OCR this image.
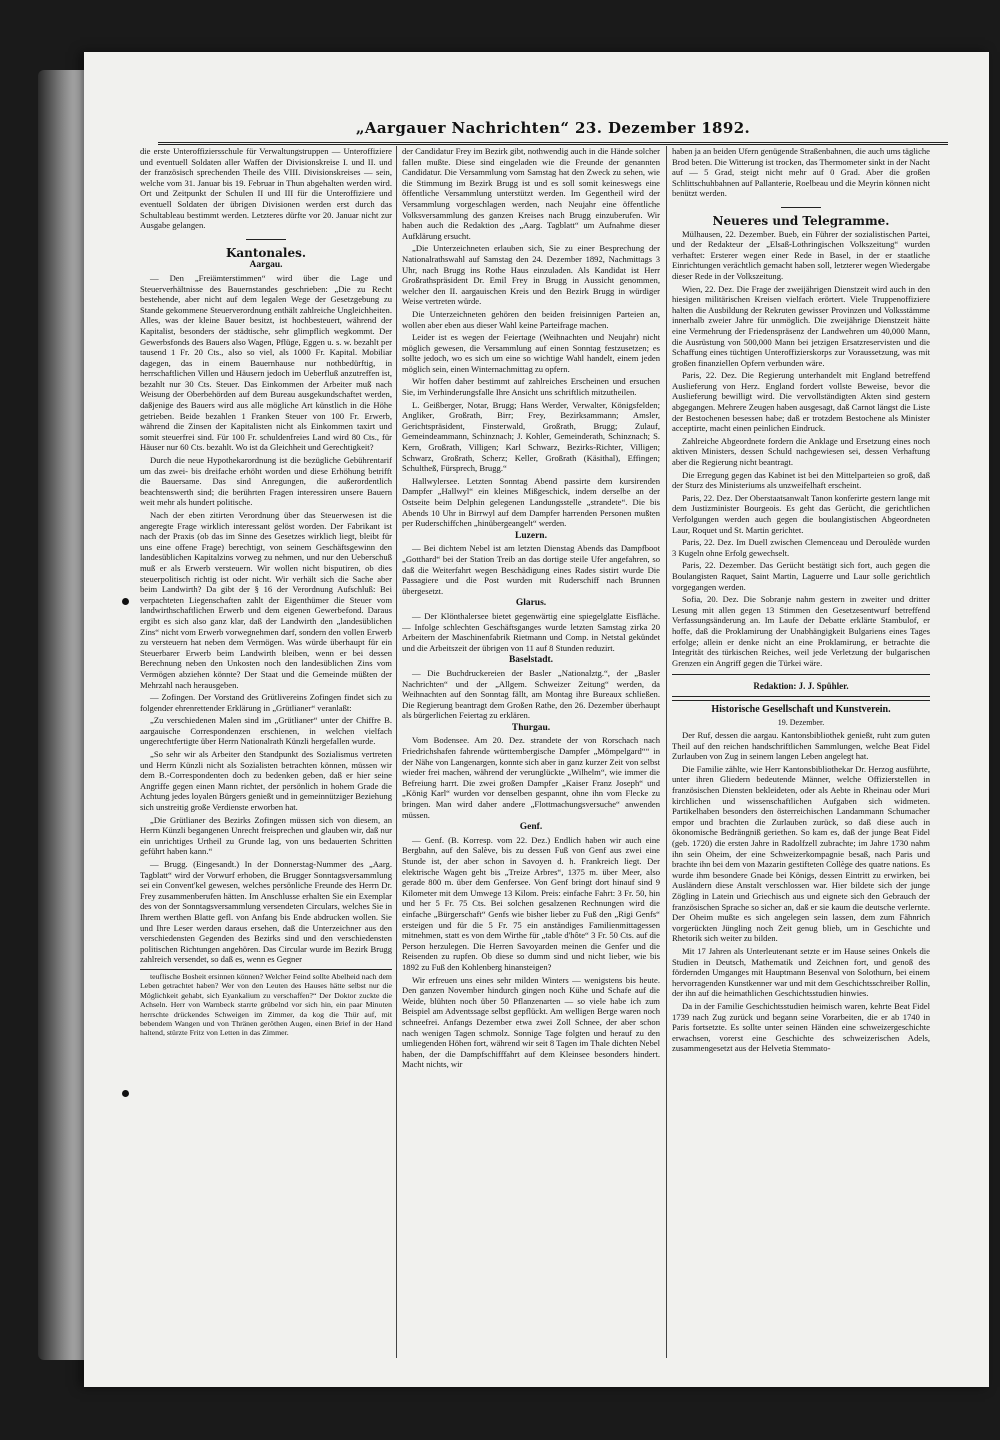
„Aargauer Nachrichten“ 23. Dezember 1892.

die erste Unteroffiziersschule für Verwaltungstruppen — Unteroffiziere und eventuell Soldaten aller Waffen der Divisionskreise I. und II. und der französisch sprechenden Theile des VIII. Divisionskreises — sein, welche vom 31. Januar bis 19. Februar in Thun abgehalten werden wird. Ort und Zeitpunkt der Schulen II und III für die Unteroffiziere und eventuell Soldaten der übrigen Divisionen werden erst durch das Schultableau bestimmt werden. Letzteres dürfte vor 20. Januar nicht zur Ausgabe gelangen.

Kantonales.
Aargau.

— Den „Freiämterstimmen“ wird über die Lage und Steuerverhältnisse des Bauernstandes geschrieben: „Die zu Recht bestehende, aber nicht auf dem legalen Wege der Gesetzgebung zu Stande gekommene Steuerverordnung enthält zahlreiche Ungleichheiten. Alles, was der kleine Bauer besitzt, ist hochbesteuert, während der Kapitalist, besonders der städtische, sehr glimpflich wegkommt. Der Gewerbsfonds des Bauers also Wagen, Pflüge, Eggen u. s. w. bezahlt per tausend 1 Fr. 20 Cts., also so viel, als 1000 Fr. Kapital. Mobiliar dagegen, das in einem Bauernhause nur nothbedürftig, in herrschaftlichen Villen und Häusern jedoch im Ueberfluß anzutreffen ist, bezahlt nur 30 Cts. Steuer. Das Einkommen der Arbeiter muß nach Weisung der Oberbehörden auf dem Bureau ausgekundschaftet werden, daßjenige des Bauers wird aus alle mögliche Art künstlich in die Höhe getrieben. Beide bezahlen 1 Franken Steuer von 100 Fr. Erwerb, während die Zinsen der Kapitalisten nicht als Einkommen taxirt und somit steuerfrei sind. Für 100 Fr. schuldenfreies Land wird 80 Cts., für Häuser nur 60 Cts. bezahlt. Wo ist da Gleichheit und Gerechtigkeit?

Durch die neue Hypothekarordnung ist die bezügliche Gebührentarif um das zwei- bis dreifache erhöht worden und diese Erhöhung betrifft die Bauersame. Das sind Anregungen, die außerordentlich beachtenswerth sind; die berührten Fragen interessiren unsere Bauern weit mehr als hundert politische.

Nach der eben zitirten Verordnung über das Steuerwesen ist die angeregte Frage wirklich interessant gelöst worden. Der Fabrikant ist nach der Praxis (ob das im Sinne des Gesetzes wirklich liegt, bleibt für uns eine offene Frage) berechtigt, von seinem Geschäftsgewinn den landesüblichen Kapitalzins vorweg zu nehmen, und nur den Ueberschuß muß er als Erwerb versteuern. Wir wollen nicht bisputiren, ob dies steuerpolitisch richtig ist oder nicht. Wir verhält sich die Sache aber beim Landwirth? Da gibt der § 16 der Verordnung Aufschluß: Bei verpachteten Liegenschaften zahlt der Eigenthümer die Steuer vom landwirthschaftlichen Erwerb und dem eigenen Gewerbefond. Daraus ergibt es sich also ganz klar, daß der Landwirth den „landesüblichen Zins“ nicht vom Erwerb vorwegnehmen darf, sondern den vollen Erwerb zu versteuern hat neben dem Vermögen. Was würde überhaupt für ein Steuerbarer Erwerb beim Landwirth bleiben, wenn er bei dessen Berechnung neben den Unkosten noch den landesüblichen Zins vom Vermögen abziehen könnte? Der Staat und die Gemeinde müßten der Mehrzahl nach herausgeben.

— Zofingen. Der Vorstand des Grütlivereins Zofingen findet sich zu folgender ehrenrettender Erklärung in „Grütlianer“ veranlaßt:

„Zu verschiedenen Malen sind im „Grütlianer“ unter der Chiffre B. aargauische Correspondenzen erschienen, in welchen vielfach ungerechtfertigte über Herrn Nationalrath Künzli hergefallen wurde.

„So sehr wir als Arbeiter den Standpunkt des Sozialismus vertreten und Herrn Künzli nicht als Sozialisten betrachten können, müssen wir dem B.-Correspondenten doch zu bedenken geben, daß er hier seine Angriffe gegen einen Mann richtet, der persönlich in hohem Grade die Achtung jedes loyalen Bürgers genießt und in gemeinnütziger Beziehung sich unstreitig große Verdienste erworben hat.

„Die Grütlianer des Bezirks Zofingen müssen sich von diesem, an Herrn Künzli begangenen Unrecht freisprechen und glauben wir, daß nur ein unrichtiges Urtheil zu Grunde lag, von uns bedauerten Schritten geführt haben kann.“

— Brugg. (Eingesandt.) In der Donnerstag-Nummer des „Aarg. Tagblatt“ wird der Vorwurf erhoben, die Brugger Sonntagsversammlung sei ein Convent'kel gewesen, welches persönliche Freunde des Herrn Dr. Frey zusammenberufen hätten. Im Anschlusse erhalten Sie ein Exemplar des von der Sonntagsversammlung versendeten Circulars, welches Sie in Ihrem werthen Blatte gefl. von Anfang bis Ende abdrucken wollen. Sie und Ihre Leser werden daraus ersehen, daß die Unterzeichner aus den verschiedensten Gegenden des Bezirks sind und den verschiedensten politischen Richtungen angehören. Das Circular wurde im Bezirk Brugg zahlreich versendet, so daß es, wenn es Gegner

teuflische Bosheit ersinnen können? Welcher Feind sollte Abelheid nach dem Leben getrachtet haben? Wer von den Leuten des Hauses hätte selbst nur die Möglichkeit gehabt, sich Eyankalium zu verschaffen?“ Der Doktor zuckte die Achseln. Herr von Warnbeck starrte grübelnd vor sich hin, ein paar Minuten herrschte drückendes Schweigen im Zimmer, da kog die Thür auf, mit bebendem Wangen und von Thränen geröthen Augen, einen Brief in der Hand haltend, stürzte Fritz von Letten in das Zimmer.

der Candidatur Frey im Bezirk gibt, nothwendig auch in die Hände solcher fallen mußte. Diese sind eingeladen wie die Freunde der genannten Candidatur. Die Versammlung vom Samstag hat den Zweck zu sehen, wie die Stimmung im Bezirk Brugg ist und es soll somit keineswegs eine öffentliche Versammlung unterstützt werden. Im Gegentheil wird der Versammlung vorgeschlagen werden, nach Neujahr eine öffentliche Volksversammlung des ganzen Kreises nach Brugg einzuberufen. Wir haben auch die Redaktion des „Aarg. Tagblatt“ um Aufnahme dieser Aufklärung ersucht.

„Die Unterzeichneten erlauben sich, Sie zu einer Besprechung der Nationalrathswahl auf Samstag den 24. Dezember 1892, Nachmittags 3 Uhr, nach Brugg ins Rothe Haus einzuladen. Als Kandidat ist Herr Großrathspräsident Dr. Emil Frey in Brugg in Aussicht genommen, welcher den II. aargauischen Kreis und den Bezirk Brugg in würdiger Weise vertreten würde.

Die Unterzeichneten gehören den beiden freisinnigen Parteien an, wollen aber eben aus dieser Wahl keine Parteifrage machen.

Leider ist es wegen der Feiertage (Weihnachten und Neujahr) nicht möglich gewesen, die Versammlung auf einen Sonntag festzusetzen; es sollte jedoch, wo es sich um eine so wichtige Wahl handelt, einem jeden möglich sein, einen Winternachmittag zu opfern.

Wir hoffen daher bestimmt auf zahlreiches Erscheinen und ersuchen Sie, im Verhinderungsfalle Ihre Ansicht uns schriftlich mitzutheilen.

L. Geißberger, Notar, Brugg; Hans Werder, Verwalter, Königsfelden; Angliker, Großrath, Birr; Frey, Bezirksammann; Amsler, Gerichtspräsident, Finsterwald, Großrath, Brugg; Zulauf, Gemeindeammann, Schinznach; J. Kohler, Gemeinderath, Schinznach; S. Kern, Großrath, Villigen; Karl Schwarz, Bezirks-Richter, Villigen; Schwarz, Großrath, Scherz; Keller, Großrath (Käsithal), Effingen; Schultheß, Fürsprech, Brugg.“

Hallwylersee. Letzten Sonntag Abend passirte dem kursirenden Dampfer „Hallwyl“ ein kleines Mißgeschick, indem derselbe an der Ostseite beim Delphin gelegenen Landungsstelle „strandete“. Die bis Abends 10 Uhr in Birrwyl auf dem Dampfer harrenden Personen mußten per Ruderschiffchen „hinübergeangelt“ werden.

Luzern.

— Bei dichtem Nebel ist am letzten Dienstag Abends das Dampfboot „Gotthard“ bei der Station Treib an das dortige steile Ufer angefahren, so daß die Weiterfahrt wegen Beschädigung eines Rades sistirt wurde Die Passagiere und die Post wurden mit Ruderschiff nach Brunnen übergesetzt.

Glarus.

— Der Klönthalersee bietet gegenwärtig eine spiegelglatte Eisfläche. — Infolge schlechten Geschäftsganges wurde letzten Samstag zirka 20 Arbeitern der Maschinenfabrik Rietmann und Comp. in Netstal gekündet und die Arbeitszeit der übrigen von 11 auf 8 Stunden reduzirt.

Baselstadt.

— Die Buchdruckereien der Basler „Nationalztg.“, der „Basler Nachrichten“ und der „Allgem. Schweizer Zeitung“ werden, da Weihnachten auf den Sonntag fällt, am Montag ihre Bureaux schließen. Die Regierung beantragt dem Großen Rathe, den 26. Dezember überhaupt als bürgerlichen Feiertag zu erklären.

Thurgau.

Vom Bodensee. Am 20. Dez. strandete der von Rorschach nach Friedrichshafen fahrende württembergische Dampfer „Mömpelgard““ in der Nähe von Langenargen, konnte sich aber in ganz kurzer Zeit von selbst wieder frei machen, während der verunglückte „Wilhelm“, wie immer die Befreiung harrt. Die zwei großen Dampfer „Kaiser Franz Joseph“ und „König Karl“ wurden vor denselben gespannt, ohne ihn vom Flecke zu bringen. Man wird daher andere „Flottmachungsversuche“ anwenden müssen.

Genf.

— Genf. (B. Korresp. vom 22. Dez.) Endlich haben wir auch eine Bergbahn, auf den Salève, bis zu dessen Fuß von Genf aus zwei eine Stunde ist, der aber schon in Savoyen d. h. Frankreich liegt. Der elektrische Wagen geht bis „Treize Arbres“, 1375 m. über Meer, also gerade 800 m. über dem Genfersee. Von Genf bringt dort hinauf sind 9 Kilometer mit dem Umwege 13 Kilom. Preis: einfache Fahrt: 3 Fr. 50, hin und her 5 Fr. 75 Cts. Bei solchen gesalzenen Rechnungen wird die einfache „Bürgerschaft“ Genfs wie bisher lieber zu Fuß den „Rigi Genfs“ ersteigen und für die 5 Fr. 75 ein anständiges Familienmittagessen mitnehmen, statt es von dem Wirthe für „table d'hôte“ 3 Fr. 50 Cts. auf die Person herzulegen. Die Herren Savoyarden meinen die Genfer und die Reisenden zu rupfen. Ob diese so dumm sind und nicht lieber, wie bis 1892 zu Fuß den Kohlenberg hinansteigen?

Wir erfreuen uns eines sehr milden Winters — wenigstens bis heute. Den ganzen November hindurch gingen noch Kühe und Schafe auf die Weide, blühten noch über 50 Pflanzenarten — so viele habe ich zum Beispiel am Adventssage selbst gepflückt. Am welligen Berge waren noch schneefrei. Anfangs Dezember etwa zwei Zoll Schnee, der aber schon nach wenigen Tagen schmolz. Sonnige Tage folgten und herauf zu den umliegenden Höhen fort, während wir seit 8 Tagen im Thale dichten Nebel haben, der die Dampfschifffahrt auf dem Kleinsee besonders hindert. Macht nichts, wir

haben ja an beiden Ufern genügende Straßenbahnen, die auch ums tägliche Brod beten. Die Witterung ist trocken, das Thermometer sinkt in der Nacht auf — 5 Grad, steigt nicht mehr auf 0 Grad. Aber die großen Schlittschuhbahnen auf Pallanterie, Roelbeau und die Meyrin können nicht benützt werden.

Neueres und Telegramme.

Mülhausen, 22. Dezember. Bueb, ein Führer der sozialistischen Partei, und der Redakteur der „Elsaß-Lothringischen Volkszeitung“ wurden verhaftet: Ersterer wegen einer Rede in Basel, in der er staatliche Einrichtungen verächtlich gemacht haben soll, letzterer wegen Wiedergabe dieser Rede in der Volkszeitung.

Wien, 22. Dez. Die Frage der zweijährigen Dienstzeit wird auch in den hiesigen militärischen Kreisen vielfach erörtert. Viele Truppenoffiziere halten die Ausbildung der Rekruten gewisser Provinzen und Volksstämme innerhalb zweier Jahre für unmöglich. Die zweijährige Dienstzeit hätte eine Vermehrung der Friedenspräsenz der Landwehren um 40,000 Mann, die Ausrüstung von 500,000 Mann bei jetzigen Ersatzreservisten und die Schaffung eines tüchtigen Unteroffizierskorps zur Voraussetzung, was mit großen finanziellen Opfern verbunden wäre.

Paris, 22. Dez. Die Regierung unterhandelt mit England betreffend Auslieferung von Herz. England fordert vollste Beweise, bevor die Auslieferung bewilligt wird. Die vervollständigten Akten sind gestern abgegangen. Mehrere Zeugen haben ausgesagt, daß Carnot längst die Liste der Bestochenen besessen habe; daß er trotzdem Bestochene als Minister acceptirte, macht einen peinlichen Eindruck.

Zahlreiche Abgeordnete fordern die Anklage und Ersetzung eines noch aktiven Ministers, dessen Schuld nachgewiesen sei, dessen Verhaftung aber die Regierung nicht beantragt.

Die Erregung gegen das Kabinet ist bei den Mittelparteien so groß, daß der Sturz des Ministeriums als unzweifelhaft erscheint.

Paris, 22. Dez. Der Oberstaatsanwalt Tanon konferirte gestern lange mit dem Justizminister Bourgeois. Es geht das Gerücht, die gerichtlichen Verfolgungen werden auch gegen die boulangistischen Abgeordneten Laur, Roquet und St. Martin gerichtet.

Paris, 22. Dez. Im Duell zwischen Clemenceau und Deroulède wurden 3 Kugeln ohne Erfolg gewechselt.

Paris, 22. Dezember. Das Gerücht bestätigt sich fort, auch gegen die Boulangisten Raquet, Saint Martin, Laguerre und Laur solle gerichtlich vorgegangen werden.

Sofia, 20. Dez. Die Sobranje nahm gestern in zweiter und dritter Lesung mit allen gegen 13 Stimmen den Gesetzesentwurf betreffend Verfassungsänderung an. Im Laufe der Debatte erklärte Stambulof, er hoffe, daß die Proklamirung der Unabhängigkeit Bulgariens eines Tages erfolge; allein er denke nicht an eine Proklamirung, er betrachte die Integrität des türkischen Reiches, weil jede Verletzung der bulgarischen Grenzen ein Angriff gegen die Türkei wäre.

Redaktion: J. J. Spühler.
Historische Gesellschaft und Kunstverein.
19. Dezember.

Der Ruf, dessen die aargau. Kantonsbibliothek genießt, ruht zum guten Theil auf den reichen handschriftlichen Sammlungen, welche Beat Fidel Zurlauben von Zug in seinem langen Leben angelegt hat.

Die Familie zählte, wie Herr Kantonsbibliothekar Dr. Herzog ausführte, unter ihren Gliedern bedeutende Männer, welche Offizierstellen in französischen Diensten bekleideten, oder als Aebte in Rheinau oder Muri kirchlichen und wissenschaftlichen Aufgaben sich widmeten. Partikelhaben besonders den österreichischen Landammann Schumacher empor und brachten die Zurlauben zurück, so daß diese auch in ökonomische Bedrängniß geriethen. So kam es, daß der junge Beat Fidel (geb. 1720) die ersten Jahre in Radolfzell zubrachte; im Jahre 1730 nahm ihn sein Oheim, der eine Schweizerkompagnie besaß, nach Paris und brachte ihn bei dem von Mazarin gestifteten Collège des quatre nations. Es wurde ihm besondere Gnade bei Königs, dessen Eintritt zu erwirken, bei Ausländern diese Anstalt verschlossen war. Hier bildete sich der junge Zögling in Latein und Griechisch aus und eignete sich den Gebrauch der französischen Sprache so sicher an, daß er sie kaum die deutsche verlernte. Der Oheim mußte es sich angelegen sein lassen, dem zum Fähnrich vorgerückten Jüngling noch Zeit genug blieb, um in Geschichte und Rhetorik sich weiter zu bilden.

Mit 17 Jahren als Unterleutenant setzte er im Hause seines Onkels die Studien in Deutsch, Mathematik und Zeichnen fort, und genoß des fördernden Umganges mit Hauptmann Besenval von Solothurn, bei einem hervorragenden Kunstkenner war und mit dem Geschichtsschreiber Rollin, der ihn auf die heimathlichen Geschichtsstudien hinwies.

Da in der Familie Geschichtsstudien heimisch waren, kehrte Beat Fidel 1739 nach Zug zurück und begann seine Vorarbeiten, die er ab 1740 in Paris fortsetzte. Es sollte unter seinen Händen eine schweizergeschichte erwachsen, vorerst eine Geschichte des schweizerischen Adels, zusammengesetzt aus der Helvetia Stemmato-
